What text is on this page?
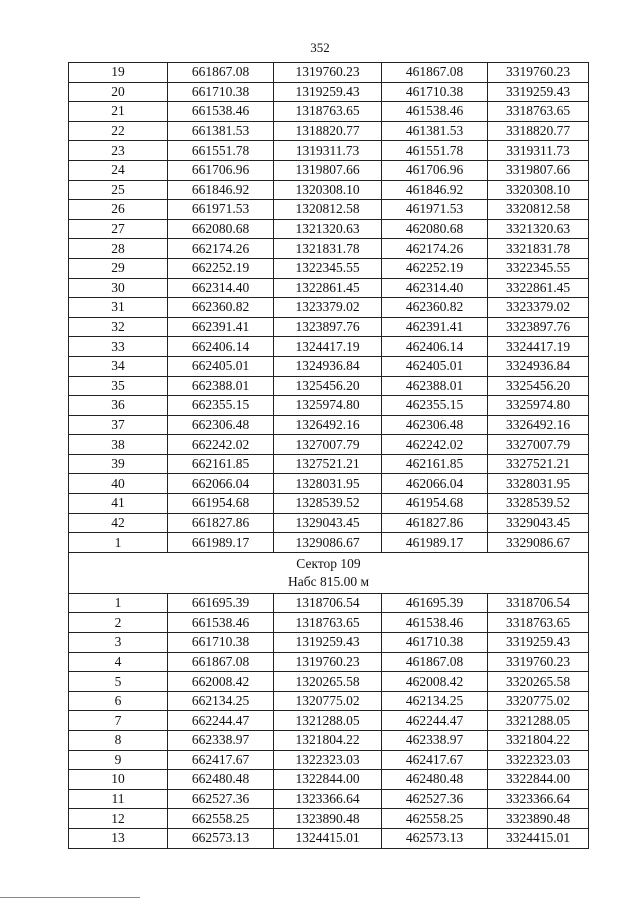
352
19	661867.08	1319760.23	461867.08	3319760.23
20	661710.38	1319259.43	461710.38	3319259.43
21	661538.46	1318763.65	461538.46	3318763.65
22	661381.53	1318820.77	461381.53	3318820.77
23	661551.78	1319311.73	461551.78	3319311.73
24	661706.96	1319807.66	461706.96	3319807.66
25	661846.92	1320308.10	461846.92	3320308.10
26	661971.53	1320812.58	461971.53	3320812.58
27	662080.68	1321320.63	462080.68	3321320.63
28	662174.26	1321831.78	462174.26	3321831.78
29	662252.19	1322345.55	462252.19	3322345.55
30	662314.40	1322861.45	462314.40	3322861.45
31	662360.82	1323379.02	462360.82	3323379.02
32	662391.41	1323897.76	462391.41	3323897.76
33	662406.14	1324417.19	462406.14	3324417.19
34	662405.01	1324936.84	462405.01	3324936.84
35	662388.01	1325456.20	462388.01	3325456.20
36	662355.15	1325974.80	462355.15	3325974.80
37	662306.48	1326492.16	462306.48	3326492.16
38	662242.02	1327007.79	462242.02	3327007.79
39	662161.85	1327521.21	462161.85	3327521.21
40	662066.04	1328031.95	462066.04	3328031.95
41	661954.68	1328539.52	461954.68	3328539.52
42	661827.86	1329043.45	461827.86	3329043.45
1	661989.17	1329086.67	461989.17	3329086.67

Сектор 109
Набс 815.00 м				

1	661695.39	1318706.54	461695.39	3318706.54
2	661538.46	1318763.65	461538.46	3318763.65
3	661710.38	1319259.43	461710.38	3319259.43
4	661867.08	1319760.23	461867.08	3319760.23
5	662008.42	1320265.58	462008.42	3320265.58
6	662134.25	1320775.02	462134.25	3320775.02
7	662244.47	1321288.05	462244.47	3321288.05
8	662338.97	1321804.22	462338.97	3321804.22
9	662417.67	1322323.03	462417.67	3322323.03
10	662480.48	1322844.00	462480.48	3322844.00
11	662527.36	1323366.64	462527.36	3323366.64
12	662558.25	1323890.48	462558.25	3323890.48
13	662573.13	1324415.01	462573.13	3324415.01
